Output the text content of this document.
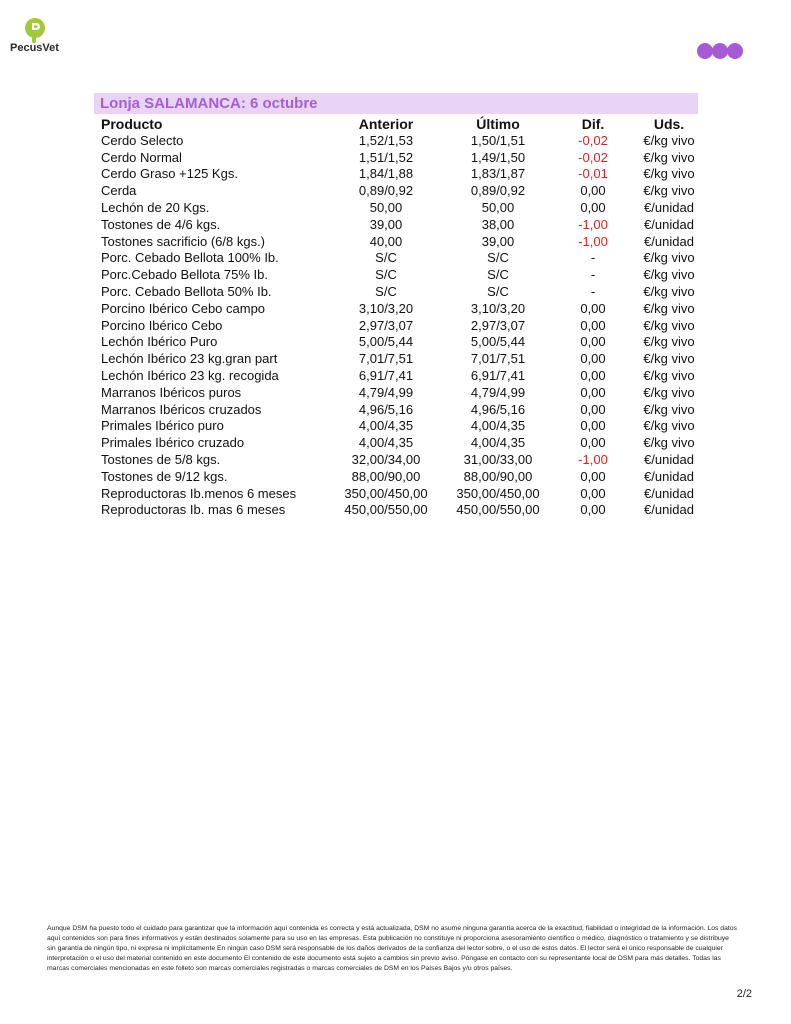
PecusVet
Lonja SALAMANCA: 6 octubre
Producto	Anterior	Último	Dif.	Uds.
Cerdo Selecto	1,52/1,53	1,50/1,51	-0,02	€/kg vivo
Cerdo Normal	1,51/1,52	1,49/1,50	-0,02	€/kg vivo
Cerdo Graso +125 Kgs.	1,84/1,88	1,83/1,87	-0,01	€/kg vivo
Cerda	0,89/0,92	0,89/0,92	0,00	€/kg vivo
Lechón de 20 Kgs.	50,00	50,00	0,00	€/unidad
Tostones de 4/6 kgs.	39,00	38,00	-1,00	€/unidad
Tostones sacrificio (6/8 kgs.)	40,00	39,00	-1,00	€/unidad
Porc. Cebado Bellota 100% Ib.	S/C	S/C	-	€/kg vivo
Porc.Cebado Bellota 75% Ib.	S/C	S/C	-	€/kg vivo
Porc. Cebado Bellota 50% Ib.	S/C	S/C	-	€/kg vivo
Porcino Ibérico Cebo campo	3,10/3,20	3,10/3,20	0,00	€/kg vivo
Porcino Ibérico Cebo	2,97/3,07	2,97/3,07	0,00	€/kg vivo
Lechón Ibérico Puro	5,00/5,44	5,00/5,44	0,00	€/kg vivo
Lechón Ibérico 23 kg.gran part	7,01/7,51	7,01/7,51	0,00	€/kg vivo
Lechón Ibérico 23 kg. recogida	6,91/7,41	6,91/7,41	0,00	€/kg vivo
Marranos Ibéricos puros	4,79/4,99	4,79/4,99	0,00	€/kg vivo
Marranos Ibéricos cruzados	4,96/5,16	4,96/5,16	0,00	€/kg vivo
Primales Ibérico puro	4,00/4,35	4,00/4,35	0,00	€/kg vivo
Primales Ibérico cruzado	4,00/4,35	4,00/4,35	0,00	€/kg vivo
Tostones de 5/8 kgs.	32,00/34,00	31,00/33,00	-1,00	€/unidad
Tostones de 9/12 kgs.	88,00/90,00	88,00/90,00	0,00	€/unidad
Reproductoras Ib.menos 6 meses	350,00/450,00	350,00/450,00	0,00	€/unidad
Reproductoras Ib. mas 6 meses	450,00/550,00	450,00/550,00	0,00	€/unidad
Aunque DSM ha puesto todo el cuidado para garantizar que la información aquí contenida es correcta y está actualizada, DSM no asume ninguna garantía acerca de la exactitud, fiabilidad o integridad de la información. Los datos aquí contenidos son para fines informativos y están destinados solamente para su uso en las empresas. Esta publicación no constituye ni proporciona asesoramiento científico o médico, diagnóstico o tratamiento y se distribuye sin garantía de ningún tipo, ni expresa ni implícitamente En ningún caso DSM será responsable de los daños derivados de la confianza del lector sobre, o el uso de estos datos. El lector será el único responsable de cualquier interpretación o el uso del material contenido en este documento El contenido de este documento está sujeto a cambios sin previo aviso. Póngase en contacto con su representante local de DSM para más detalles. Todas las marcas comerciales mencionadas en este folleto son marcas comerciales registradas o marcas comerciales de DSM en los Países Bajos y/u otros países.
2/2
